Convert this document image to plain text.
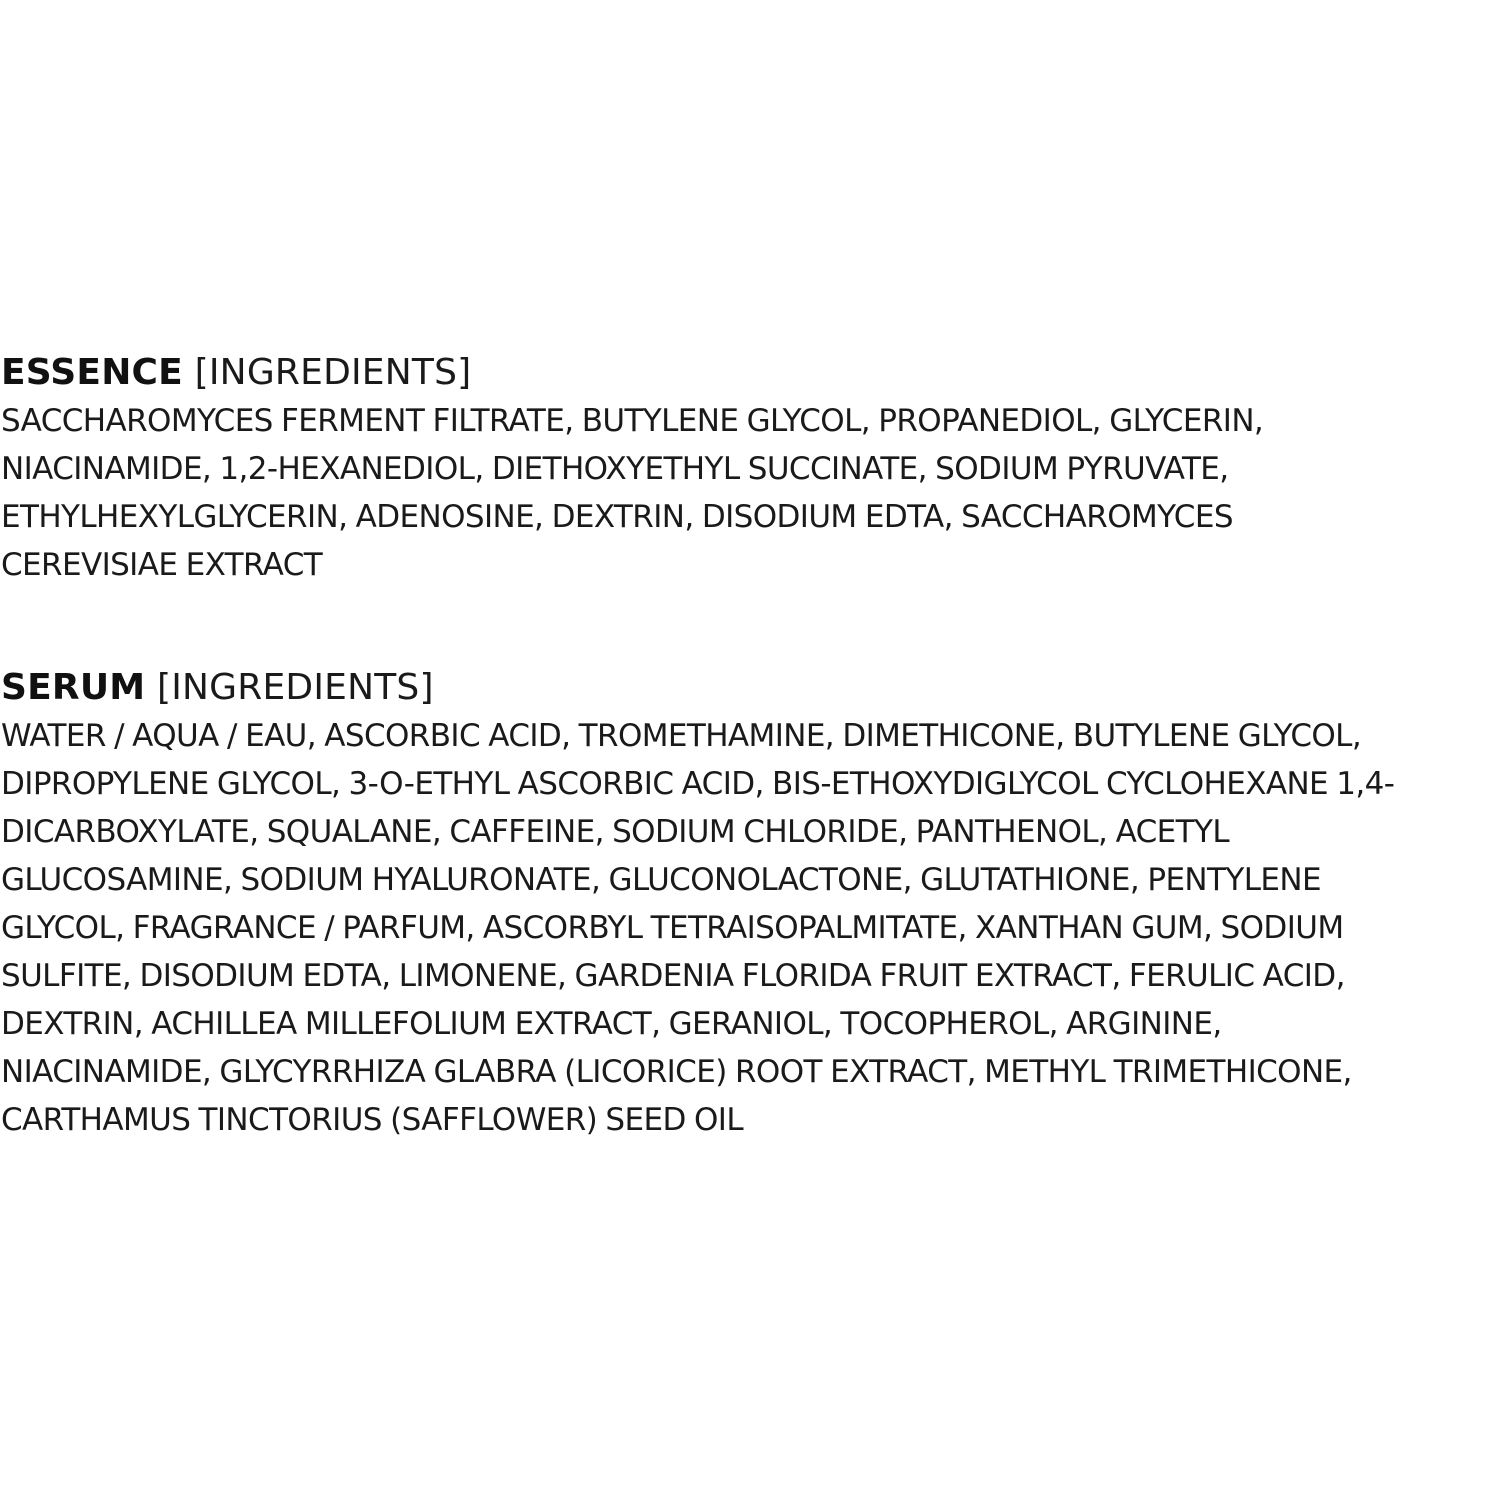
ESSENCE [INGREDIENTS]
SACCHAROMYCES FERMENT FILTRATE, BUTYLENE GLYCOL, PROPANEDIOL, GLYCERIN,
NIACINAMIDE, 1,2-HEXANEDIOL, DIETHOXYETHYL SUCCINATE, SODIUM PYRUVATE,
ETHYLHEXYLGLYCERIN, ADENOSINE, DEXTRIN, DISODIUM EDTA, SACCHAROMYCES
CEREVISIAE EXTRACT
SERUM [INGREDIENTS]
WATER / AQUA / EAU, ASCORBIC ACID, TROMETHAMINE, DIMETHICONE, BUTYLENE GLYCOL,
DIPROPYLENE GLYCOL, 3-O-ETHYL ASCORBIC ACID, BIS-ETHOXYDIGLYCOL CYCLOHEXANE 1,4-
DICARBOXYLATE, SQUALANE, CAFFEINE, SODIUM CHLORIDE, PANTHENOL, ACETYL
GLUCOSAMINE, SODIUM HYALURONATE, GLUCONOLACTONE, GLUTATHIONE, PENTYLENE
GLYCOL, FRAGRANCE / PARFUM, ASCORBYL TETRAISOPALMITATE, XANTHAN GUM, SODIUM
SULFITE, DISODIUM EDTA, LIMONENE, GARDENIA FLORIDA FRUIT EXTRACT, FERULIC ACID,
DEXTRIN, ACHILLEA MILLEFOLIUM EXTRACT, GERANIOL, TOCOPHEROL, ARGININE,
NIACINAMIDE, GLYCYRRHIZA GLABRA (LICORICE) ROOT EXTRACT, METHYL TRIMETHICONE,
CARTHAMUS TINCTORIUS (SAFFLOWER) SEED OIL
